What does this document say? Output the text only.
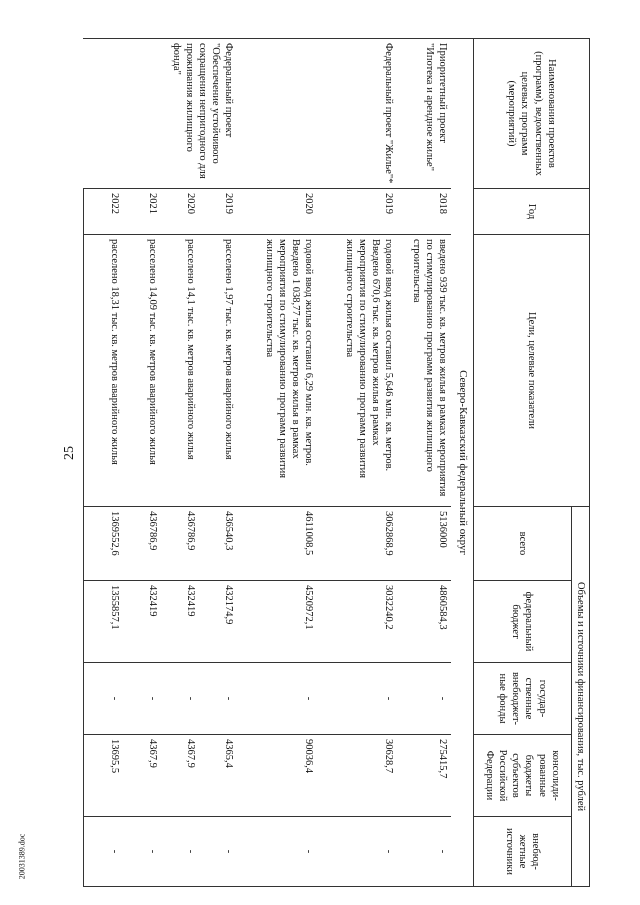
25
20031389.doc
Наименования проектов (программ), ведомственных целевых программ (мероприятий)	Год	Цели, целевые показатели	Объемы и источники финансирования, тыс. рублей				
			всего	федеральный бюджет	государ-ственные внебюджет-ные фонды	консолиди-рованные бюджеты субъектов Российской Федерации	внебюд-жетные источники
Северо-Кавказский федеральный округ							
Приоритетный проект "Ипотека и арендное жилье"	2018	введено 939 тыс. кв. метров жилья в рамках мероприятия по стимулированию программ развития жилищного строительства	5136000	4860584,3	-	275415,7	-
Федеральный проект "Жилье"*	2019	годовой ввод жилья составил 5,646 млн. кв. метров. Введено 670,6 тыс. кв. метров жилья в рамках мероприятия по стимулированию программ развития жилищного строительства	3062868,9	3032240,2	-	30628,7	-
	2020	годовой ввод жилья составил 6,29 млн. кв. метров. Введено 1 038,77 тыс. кв. метров жилья в рамках мероприятия по стимулированию программ развития жилищного строительства	4611008,5	4520972,1	-	90036,4	-
Федеральный проект "Обеспечение устойчивого сокращения непригодного для проживания жилищного фонда"	2019	расселено 1,97 тыс. кв. метров аварийного жилья	436540,3	432174,9	-	4365,4	-
	2020	расселено 14,1 тыс. кв. метров аварийного жилья	436786,9	432419	-	4367,9	-
	2021	расселено 14,09 тыс. кв. метров аварийного жилья	436786,9	432419	-	4367,9	-
	2022	расселено 18,31 тыс. кв. метров аварийного жилья	1369552,6	1355857,1	-	13695,5	-
